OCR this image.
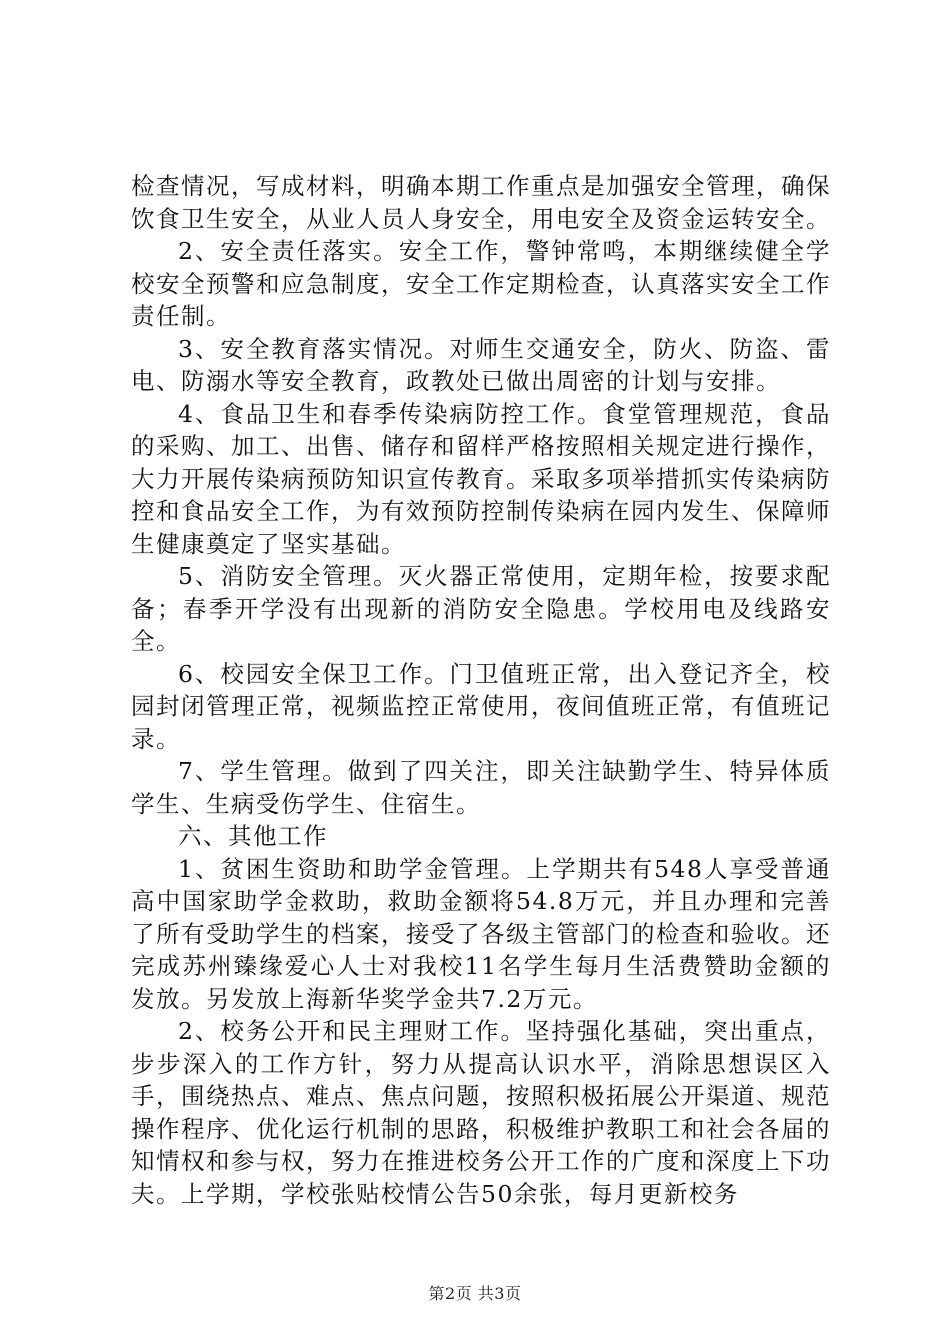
检查情况，写成材料，明确本期工作重点是加强安全管理，确保饮食卫生安全，从业人员人身安全，用电安全及资金运转安全。

2、安全责任落实。安全工作，警钟常鸣，本期继续健全学校安全预警和应急制度，安全工作定期检查，认真落实安全工作责任制。

3、安全教育落实情况。对师生交通安全，防火、防盗、雷电、防溺水等安全教育，政教处已做出周密的计划与安排。

4、食品卫生和春季传染病防控工作。食堂管理规范，食品的采购、加工、出售、储存和留样严格按照相关规定进行操作，大力开展传染病预防知识宣传教育。采取多项举措抓实传染病防控和食品安全工作，为有效预防控制传染病在园内发生、保障师生健康奠定了坚实基础。

5、消防安全管理。灭火器正常使用，定期年检，按要求配备；春季开学没有出现新的消防安全隐患。学校用电及线路安全。

6、校园安全保卫工作。门卫值班正常，出入登记齐全，校园封闭管理正常，视频监控正常使用，夜间值班正常，有值班记录。

7、学生管理。做到了四关注，即关注缺勤学生、特异体质学生、生病受伤学生、住宿生。

六、其他工作

1、贫困生资助和助学金管理。上学期共有548人享受普通高中国家助学金救助，救助金额将54.8万元，并且办理和完善了所有受助学生的档案，接受了各级主管部门的检查和验收。还完成苏州臻缘爱心人士对我校11名学生每月生活费赞助金额的发放。另发放上海新华奖学金共7.2万元。

2、校务公开和民主理财工作。坚持强化基础，突出重点，步步深入的工作方针，努力从提高认识水平，消除思想误区入手，围绕热点、难点、焦点问题，按照积极拓展公开渠道、规范操作程序、优化运行机制的思路，积极维护教职工和社会各届的知情权和参与权，努力在推进校务公开工作的广度和深度上下功夫。上学期，学校张贴校情公告50余张，每月更新校务

第2页 共3页
